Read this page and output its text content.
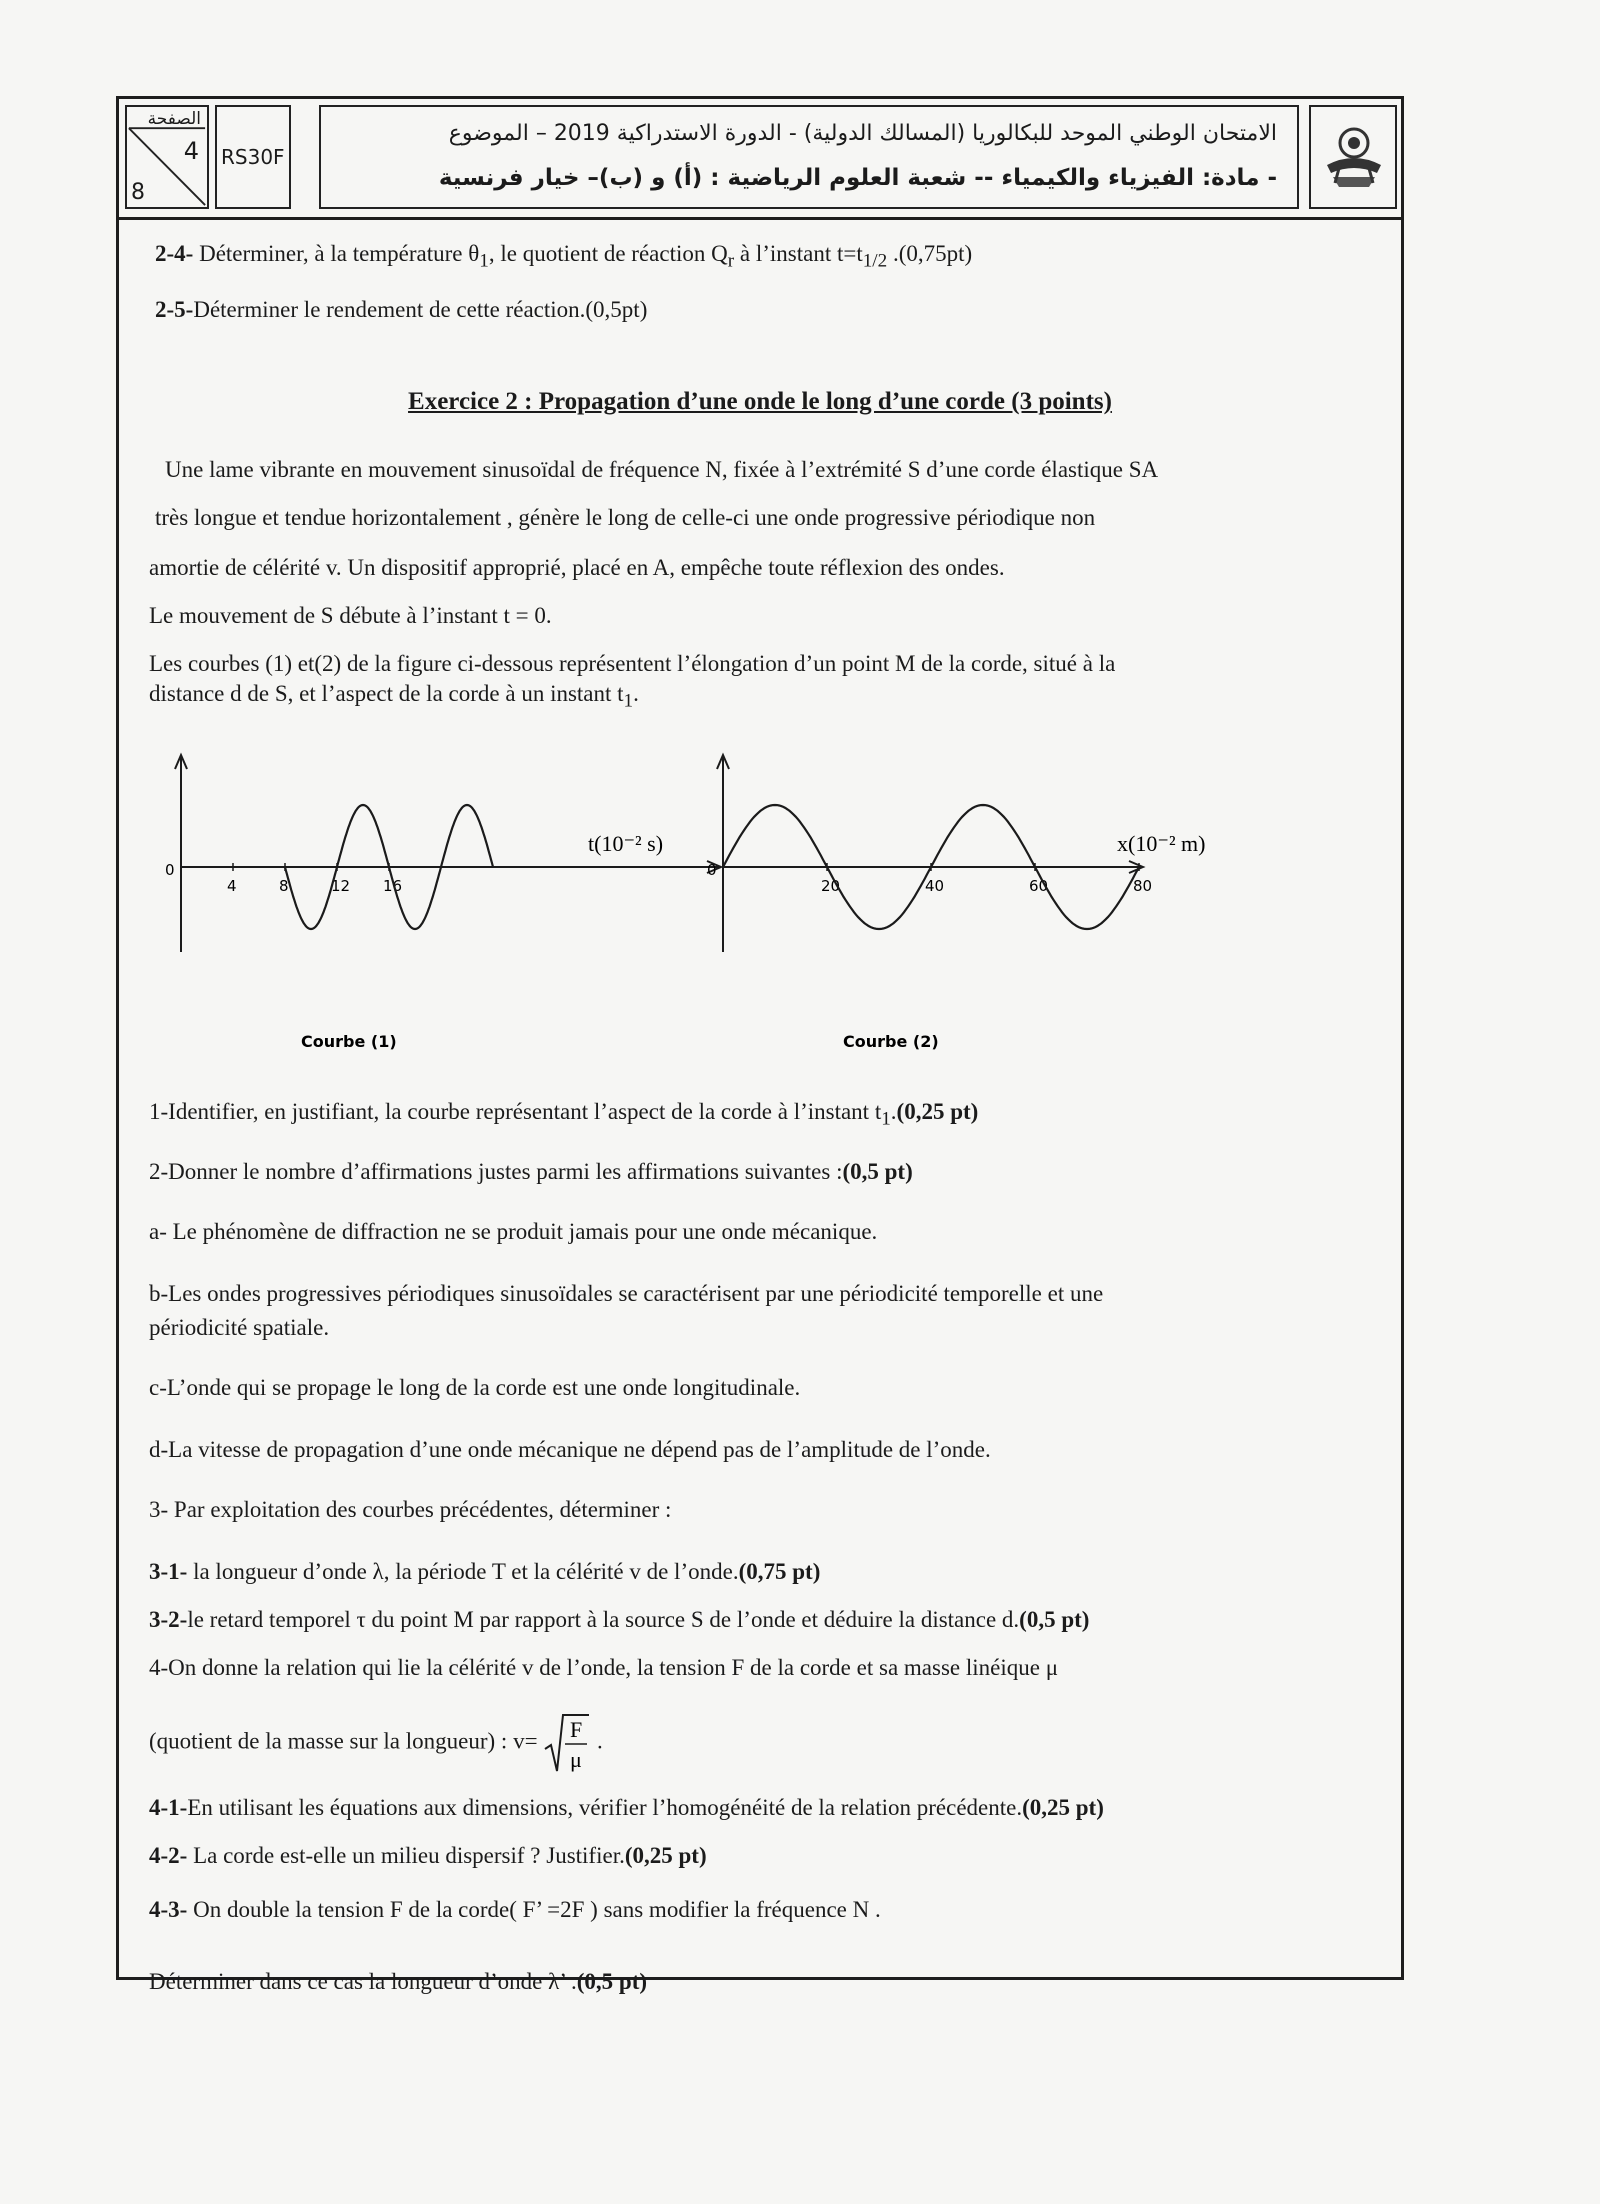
الصفحة
4
8
RS30F
الامتحان الوطني الموحد للبكالوريا (المسالك الدولية) - الدورة الاستدراكية 2019 – الموضوع
- مادة: الفيزياء والكيمياء -- شعبة العلوم الرياضية : (أ) و (ب)– خيار فرنسية
2-4- Déterminer, à la température $\theta_1$, le quotient de réaction $Q_r$ à l’instant $t=t_{1/2}$ .(0,75pt)
2-5-Déterminer le rendement de cette réaction.(0,5pt)
Exercice 2 : Propagation d’une onde le long d’une corde (3 points)
Une lame vibrante en mouvement sinusoïdal de fréquence N, fixée à l’extrémité S d’une corde élastique SA
très longue et tendue horizontalement , génère le long de celle-ci une onde progressive périodique non
amortie de célérité v. Un dispositif approprié, placé en A, empêche toute réflexion des ondes.
Le mouvement de S débute à l’instant t = 0.
Les courbes (1) et(2) de la figure ci-dessous représentent l’élongation d’un point M de la corde, situé à la
distance d de S, et l’aspect de la corde à un instant $t_1$.
0
4	8	12 16
t(10⁻² s)
Courbe (1)
0
20	40	60	80
x(10⁻² m)
Courbe (2)
1-Identifier, en justifiant, la courbe représentant l’aspect de la corde à l’instant $t_1.(0,25$ pt)
2-Donner le nombre d’affirmations justes parmi les affirmations suivantes :(0,5 pt)
a- Le phénomène de diffraction ne se produit jamais pour une onde mécanique.
b-Les ondes progressives périodiques sinusoïdales se caractérisent par une périodicité temporelle et une
périodicité spatiale.
c-L’onde qui se propage le long de la corde est une onde longitudinale.
d-La vitesse de propagation d’une onde mécanique ne dépend pas de l’amplitude de l’onde.
3- Par exploitation des courbes précédentes, déterminer :
3-1- la longueur d’onde λ, la période T et la célérité v de l’onde.(0,75 pt)
3-2-le retard temporel τ du point M par rapport à la source S de l’onde et déduire la distance d.(0,5 pt)
4-On donne la relation qui lie la célérité v de l’onde, la tension F de la corde et sa masse linéique μ
(quotient de la masse sur la longueur) : v= F
μ
.
4-1-En utilisant les équations aux dimensions, vérifier l’homogénéité de la relation précédente.(0,25 pt)
4-2- La corde est-elle un milieu dispersif ? Justifier.(0,25 pt)
4-3- On double la tension F de la corde( F’ =2F ) sans modifier la fréquence N .
Déterminer dans ce cas la longueur d’onde λ’ .(0,5 pt)
